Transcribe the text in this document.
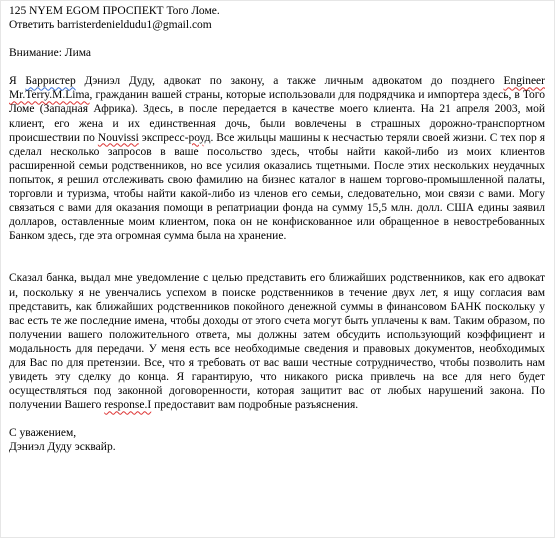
125 NYEM EGOM ПРОСПЕКТ Того Ломе.
Ответить barristerdenieldudu1@gmail.com
Внимание: Лима

Я Барристер Дэниэл Дуду, адвокат по закону, а также личным адвокатом до позднего Engineer Mr.Terry.M.Lima, гражданин вашей страны, которые использовали для подрядчика и импортера здесь, в Того Ломе (Западная Африка). Здесь, в после передается в качестве моего клиента. На 21 апреля 2003, мой клиент, его жена и их единственная дочь, были вовлечены в страшных дорожно-транспортном происшествии по Nouvissi экспресс-роуд. Все жильцы машины к несчастью теряли своей жизни. С тех пор я сделал несколько запросов в ваше посольство здесь, чтобы найти какой-либо из моих клиентов расширенной семьи родственников, но все усилия оказались тщетными. После этих нескольких неудачных попыток, я решил отслеживать свою фамилию на бизнес каталог в нашем торгово-промышленной палаты, торговли и туризма, чтобы найти какой-либо из членов его семьи, следовательно, мои связи с вами. Могу связаться с вами для оказания помощи в репатриации фонда на сумму 15,5 млн. долл. США едины заявил долларов, оставленные моим клиентом, пока он не конфискованное или обращенное в невостребованных Банком здесь, где эта огромная сумма была на хранение.

Сказал банка, выдал мне уведомление с целью представить его ближайших родственников, как его адвокат и, поскольку я не увенчались успехом в поиске родственников в течение двух лет, я ищу согласия вам представить, как ближайших родственников покойного денежной суммы в финансовом БАНК поскольку у вас есть те же последние имена, чтобы доходы от этого счета могут быть уплачены к вам. Таким образом, по получении вашего положительного ответа, мы должны затем обсудить использующий коэффициент и модальность для передачи. У меня есть все необходимые сведения и правовых документов, необходимых для Вас по для претензии. Все, что я требовать от вас ваши честные сотрудничество, чтобы позволить нам увидеть эту сделку до конца. Я гарантирую, что никакого риска привлечь на все для него будет осуществляться под законной договоренности, которая защитит вас от любых нарушений закона. По получении Вашего response.I предоставит вам подробные разъяснения.

С уважением,
Дэниэл Дуду эсквайр.
